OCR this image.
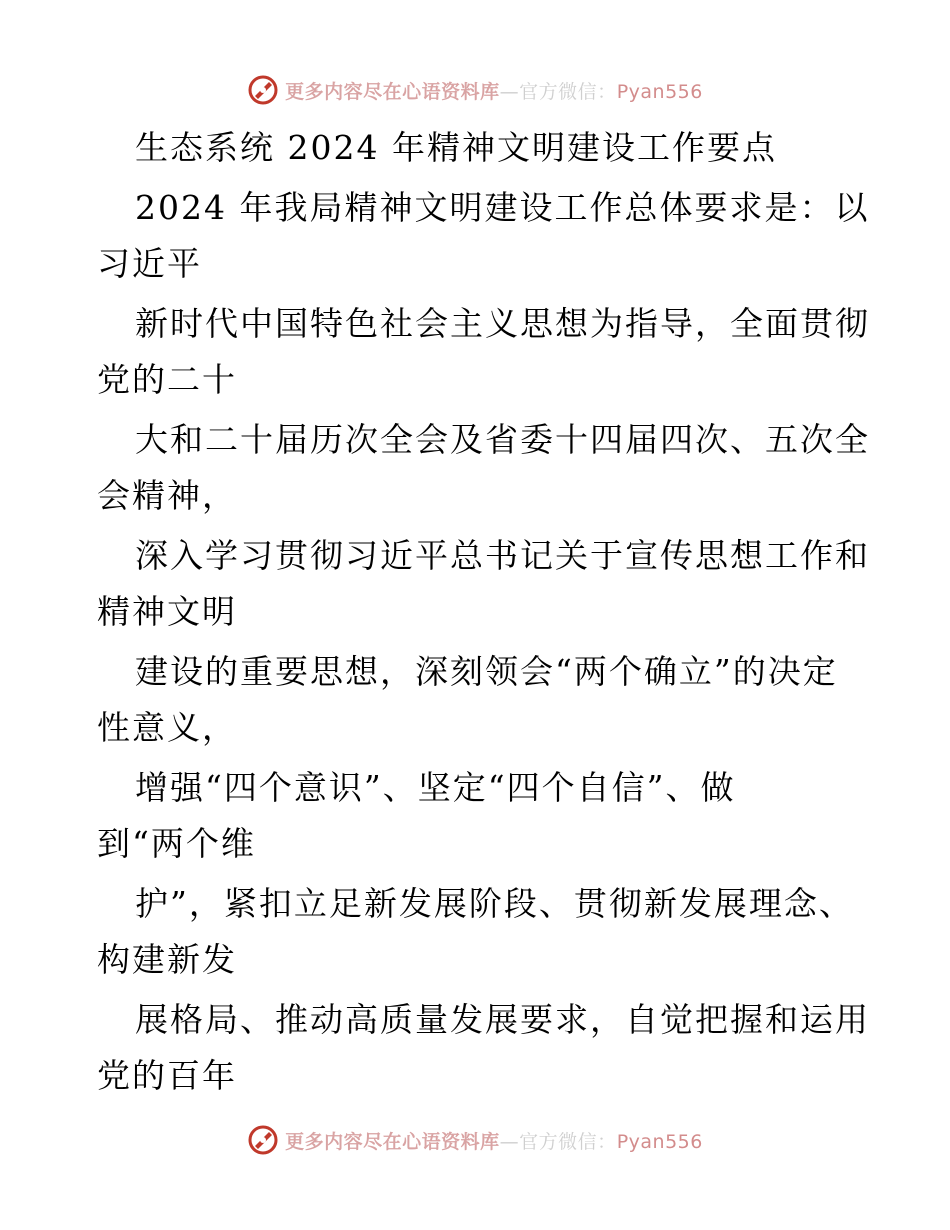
更多内容尽在心语资料库—官方微信：Pyan556
生态系统 2024 年精神文明建设工作要点
2024 年我局精神文明建设工作总体要求是：以
习近平
新时代中国特色社会主义思想为指导，全面贯彻
党的二十
大和二十届历次全会及省委十四届四次、五次全
会精神，
深入学习贯彻习近平总书记关于宣传思想工作和
精神文明
建设的重要思想，深刻领会“两个确立”的决定
性意义，
增强“四个意识”、坚定“四个自信”、做
到“两个维
护”，紧扣立足新发展阶段、贯彻新发展理念、
构建新发
展格局、推动高质量发展要求，自觉把握和运用
党的百年
更多内容尽在心语资料库—官方微信：Pyan556
